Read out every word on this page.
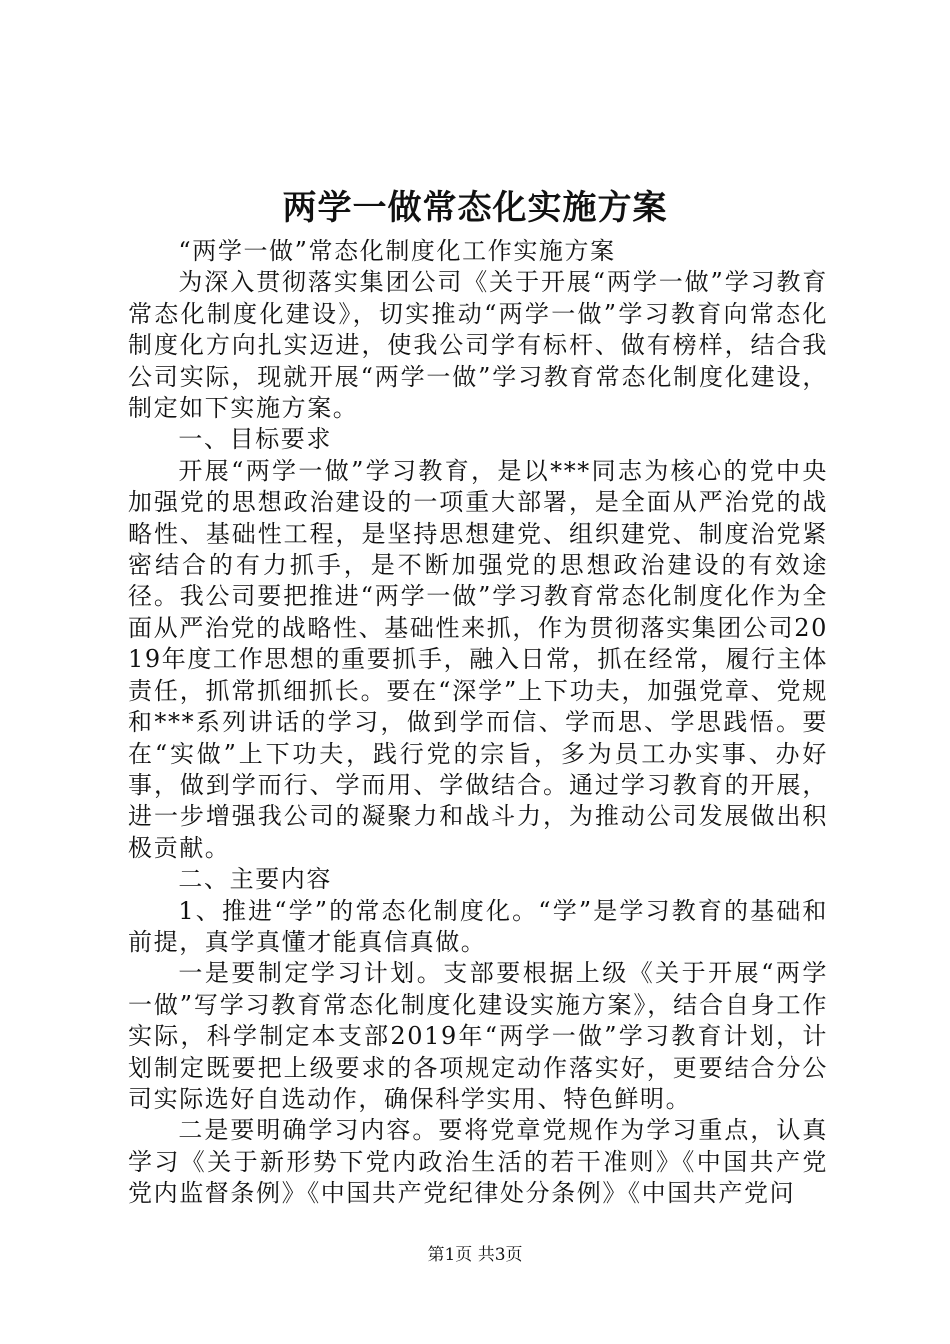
两学一做常态化实施方案

“两学一做”常态化制度化工作实施方案

为深入贯彻落实集团公司《关于开展“两学一做”学习教育常态化制度化建设》，切实推动“两学一做”学习教育向常态化制度化方向扎实迈进，使我公司学有标杆、做有榜样，结合我公司实际，现就开展“两学一做”学习教育常态化制度化建设，制定如下实施方案。

一、目标要求

开展“两学一做”学习教育，是以***同志为核心的党中央加强党的思想政治建设的一项重大部署，是全面从严治党的战略性、基础性工程，是坚持思想建党、组织建党、制度治党紧密结合的有力抓手，是不断加强党的思想政治建设的有效途径。我公司要把推进“两学一做”学习教育常态化制度化作为全面从严治党的战略性、基础性来抓，作为贯彻落实集团公司2019年度工作思想的重要抓手，融入日常，抓在经常，履行主体责任，抓常抓细抓长。要在“深学”上下功夫，加强党章、党规和***系列讲话的学习，做到学而信、学而思、学思践悟。要在“实做”上下功夫，践行党的宗旨，多为员工办实事、办好事，做到学而行、学而用、学做结合。通过学习教育的开展，进一步增强我公司的凝聚力和战斗力，为推动公司发展做出积极贡献。

二、主要内容

1、推进“学”的常态化制度化。“学”是学习教育的基础和前提，真学真懂才能真信真做。

一是要制定学习计划。支部要根据上级《关于开展“两学一做”写学习教育常态化制度化建设实施方案》，结合自身工作实际，科学制定本支部2019年“两学一做”学习教育计划，计划制定既要把上级要求的各项规定动作落实好，更要结合分公司实际选好自选动作，确保科学实用、特色鲜明。

二是要明确学习内容。要将党章党规作为学习重点，认真学习《关于新形势下党内政治生活的若干准则》《中国共产党党内监督条例》《中国共产党纪律处分条例》《中国共产党问

第1页 共3页
